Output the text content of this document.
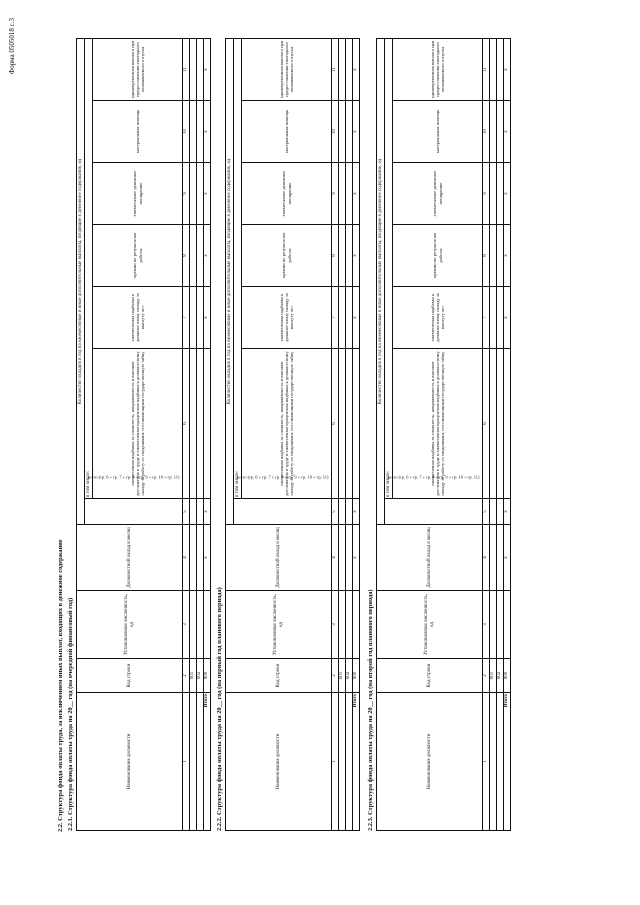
Форма 0505018 с.3
2.2. Структура фонда оплаты труда, за исключением иных выплат, входящих в денежное содержание 2.2.1. Структура фонда оплаты труда на 20__ год (на очередной финансовый год)	Наименование должности	Код строки	Установленная численность, ед	Должностной оклад в месяц	Количество окладов в год на ежемесячные и иные дополнительные выплаты, входящие в денежное содержание, ед							
				всего (гр. 6 + гр. 7 + гр. 8 + гр. 9 + гр. 10 + гр. 11)	в том числе:						
					ежемесячная надбавка за сложность, напряженность и высокие достижения в труде и ежемесячная процентная надбавка к должностному окладу за работу со сведениями, составляющими государственную тайну	ежемесячная надбавка к должностному окладу за выслугу лет	премии по результатам работы	ежемесячное денежное поощрение	материальная помощь	единовременная выплата при предоставлении ежегодного оплачиваемого отпуска	
1	2	3	4	5	6	7	8	9	10	11	
	001										
	002										
Итого	900		x	x		x	x	x	x	x	
2.2.2. Структура фонда оплаты труда на 20__ год (на первый год планового периода)	Наименование должности	Код строки	Установленная численность, ед	Должностной оклад в месяц	Количество окладов в год на ежемесячные и иные дополнительные выплаты, входящие в денежное содержание, ед							
				всего (гр. 6 + гр. 7 + гр. 8 + гр. 9 + гр. 10 + гр. 11)	в том числе:						
					ежемесячная надбавка за сложность, напряженность и высокие достижения в труде и ежемесячная процентная надбавка к должностному окладу за работу со сведениями, составляющими государственную тайну	ежемесячная надбавка к должностному окладу за выслугу лет	премии по результатам работы	ежемесячное денежное поощрение	материальная помощь	единовременная выплата при предоставлении ежегодного оплачиваемого отпуска	
1	2	3	4	5	6	7	8	9	10	11	
	001										
	002										
Итого	900		x	x		x	x	x	x	x	
2.2.3. Структура фонда оплаты труда на 20__ год (на второй год планового периода)	Наименование должности	Код строки	Установленная численность, ед	Должностной оклад в месяц	Количество окладов в год на ежемесячные и иные дополнительные выплаты, входящие в денежное содержание, ед							
				всего (гр. 6 + гр. 7 + гр. 8 + гр. 9 + гр. 10 + гр. 11)	в том числе:						
					ежемесячная надбавка за сложность, напряженность и высокие достижения в труде и ежемесячная процентная надбавка к должностному окладу за работу со сведениями, составляющими государственную тайну	ежемесячная надбавка к должностному окладу за выслугу лет	премии по результатам работы	ежемесячное денежное поощрение	материальная помощь	единовременная выплата при предоставлении ежегодного оплачиваемого отпуска	
1	2	3	4	5	6	7	8	9	10	11	
	001										
	002										
Итого	900		x	x		x	x	x	x	x	
